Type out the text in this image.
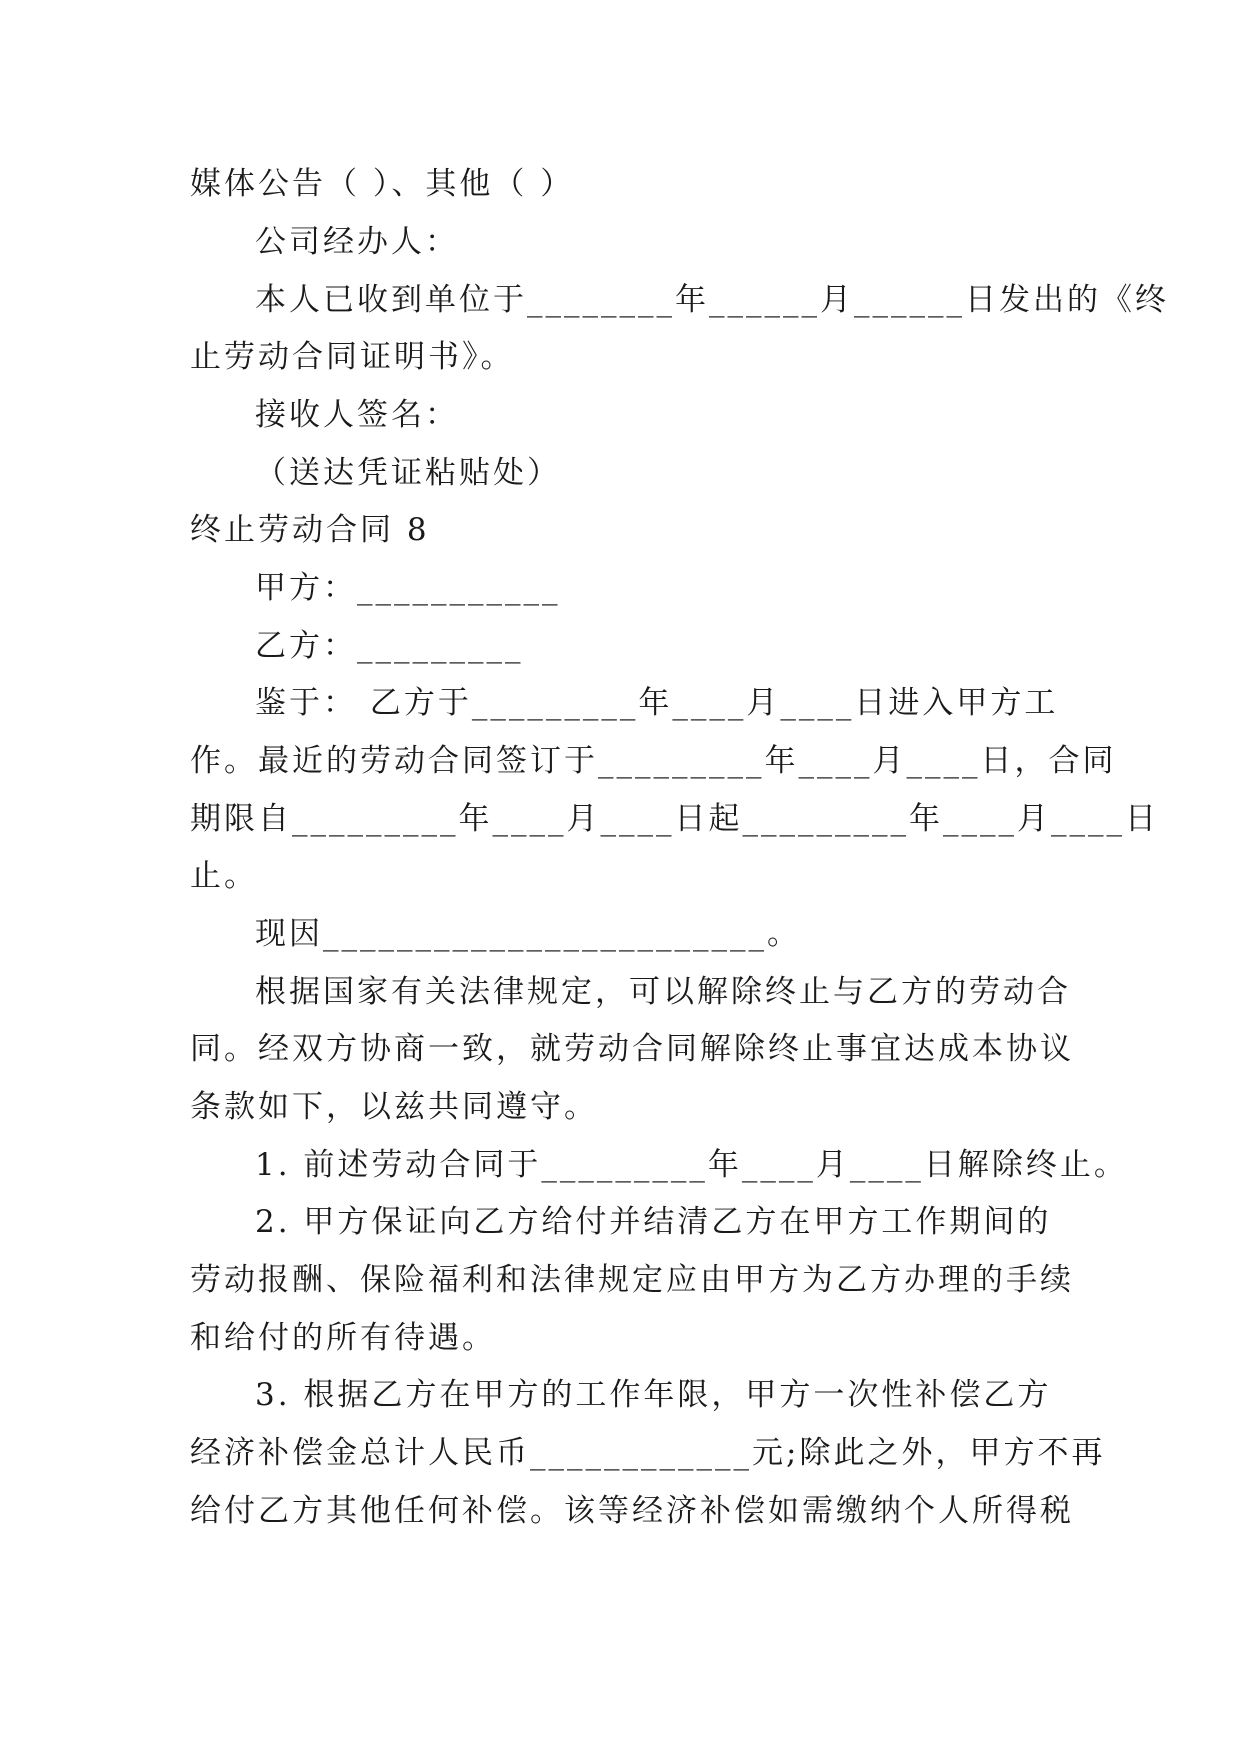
媒体公告（ ）、其他（ ）
公司经办人：
本人已收到单位于________年______月______日发出的《终
止劳动合同证明书》。
接收人签名：
（送达凭证粘贴处）
终止劳动合同 8
甲方：___________
乙方：_________
鉴于： 乙方于_________年____月____日进入甲方工
作。最近的劳动合同签订于_________年____月____日，合同
期限自_________年____月____日起_________年____月____日
止。
现因________________________。
根据国家有关法律规定，可以解除终止与乙方的劳动合
同。经双方协商一致，就劳动合同解除终止事宜达成本协议
条款如下，以兹共同遵守。
1. 前述劳动合同于_________年____月____日解除终止。
2. 甲方保证向乙方给付并结清乙方在甲方工作期间的
劳动报酬、保险福利和法律规定应由甲方为乙方办理的手续
和给付的所有待遇。
3. 根据乙方在甲方的工作年限，甲方一次性补偿乙方
经济补偿金总计人民币____________元;除此之外，甲方不再
给付乙方其他任何补偿。该等经济补偿如需缴纳个人所得税
